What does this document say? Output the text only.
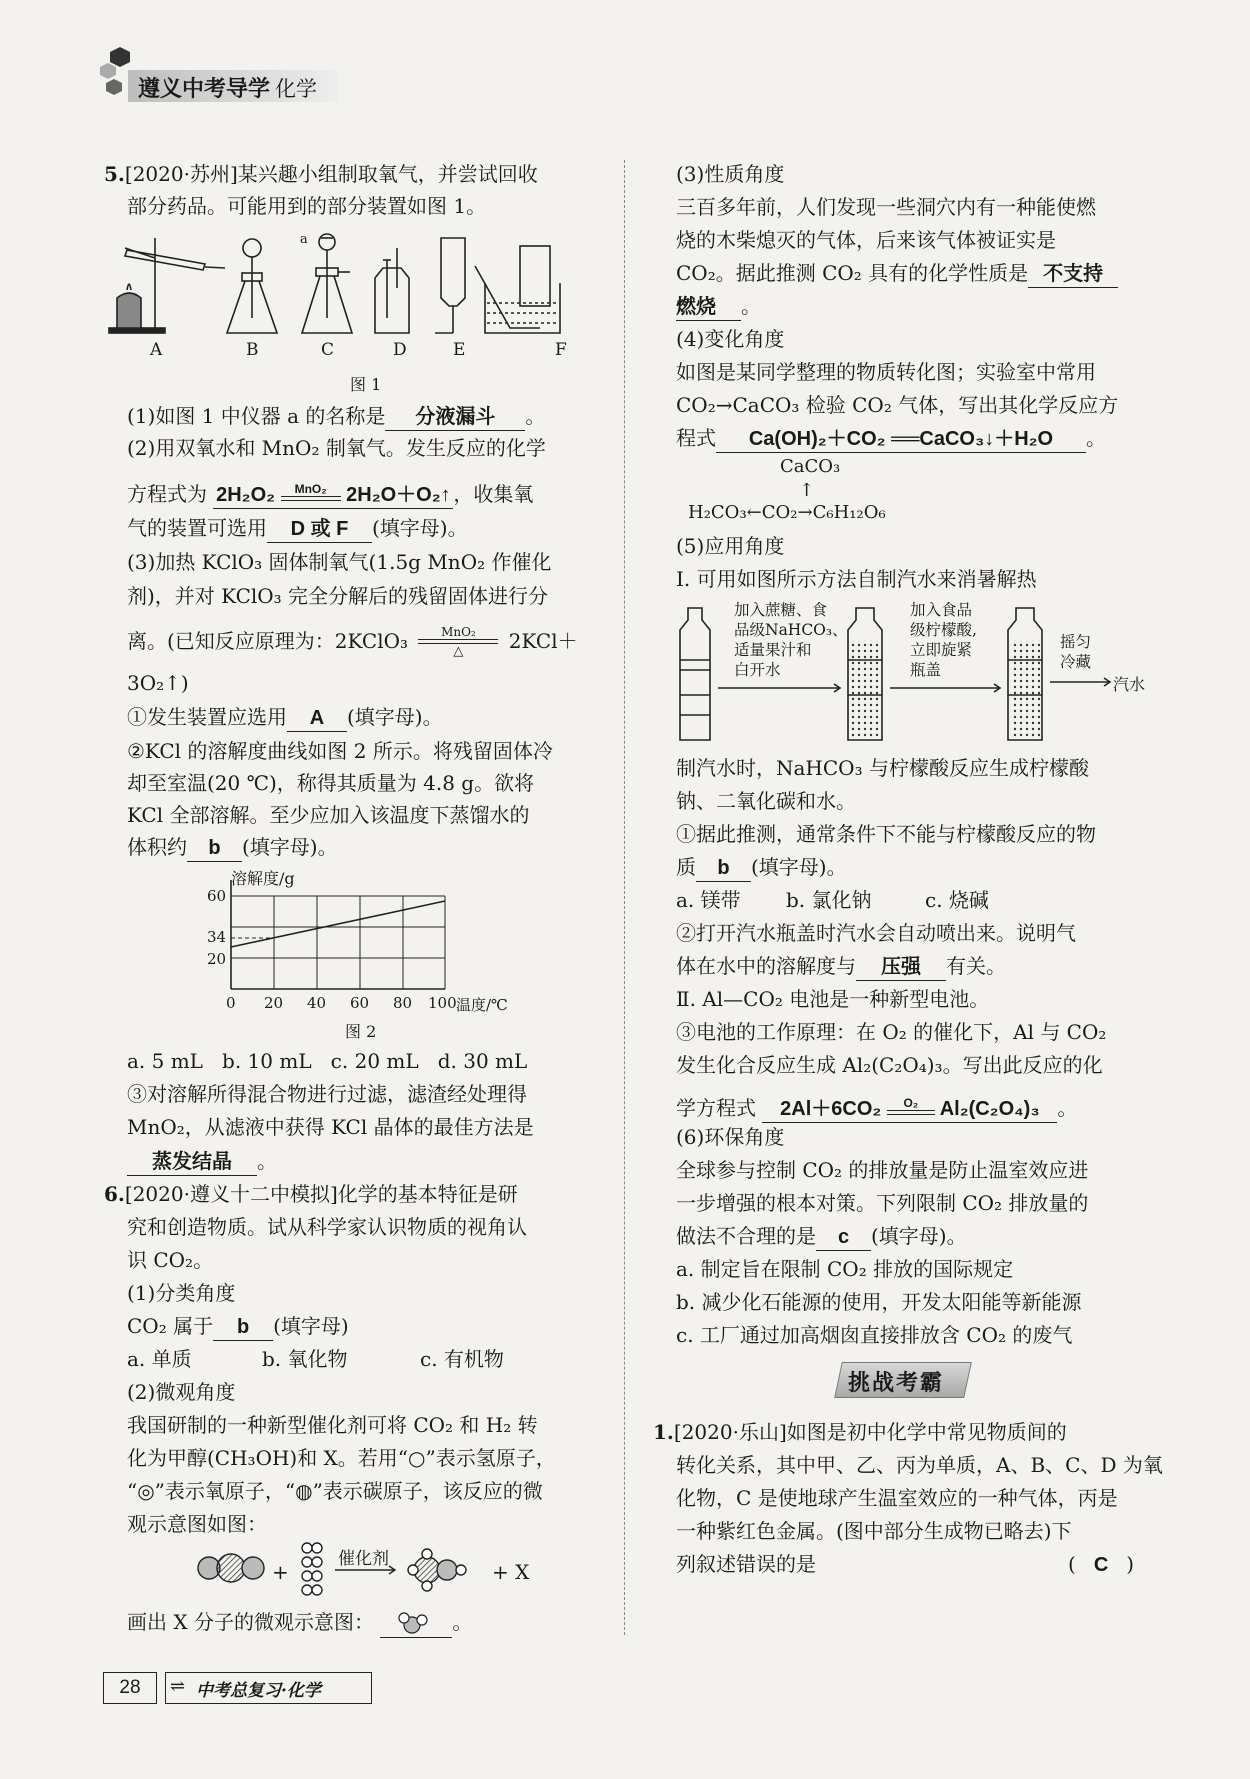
遵义中考导学 化学
5.[2020·苏州]某兴趣小组制取氧气，并尝试回收
部分药品。可能用到的部分装置如图 1。
a
A	B	C	D	E	F
图 1
(1)如图 1 中仪器 a 的名称是 分液漏斗 。
(2)用双氧水和 MnO₂ 制氧气。发生反应的化学
方程式为 2H₂O₂	MnO₂ 2H₂O＋O₂↑ ，收集氧
气的装置可选用 D 或 F (填字母)。
(3)加热 KClO₃ 固体制氧气(1.5g MnO₂ 作催化
剂)，并对 KClO₃ 完全分解后的残留固体进行分
离。(已知反应原理为：2KClO₃	MnO₂
△	2KCl＋
3O₂↑)
①发生装置应选用 A (填字母)。
②KCl 的溶解度曲线如图 2 所示。将残留固体冷
却至室温(20 ℃)，称得其质量为 4.8 g。欲将
KCl 全部溶解。至少应加入该温度下蒸馏水的
体积约 b (填字母)。
溶解度/g
60
34
20
0 20 40 60 80 100 温度/℃
图 2
a. 5 mL   b. 10 mL   c. 20 mL   d. 30 mL
③对溶解所得混合物进行过滤，滤渣经处理得
MnO₂，从滤液中获得 KCl 晶体的最佳方法是
蒸发结晶 。
6.[2020·遵义十二中模拟]化学的基本特征是研
究和创造物质。试从科学家认识物质的视角认
识 CO₂。
(1)分类角度
CO₂ 属于 b (填字母)
a. 单质	b. 氧化物	c. 有机物
(2)微观角度
我国研制的一种新型催化剂可将 CO₂ 和 H₂ 转
化为甲醇(CH₃OH)和 X。若用“○”表示氢原子，
“◎”表示氧原子，“◍”表示碳原子，该反应的微
观示意图如图：
+
催化剂
+ X
画出 X 分子的微观示意图：	。
(3)性质角度
三百多年前，人们发现一些洞穴内有一种能使燃
烧的木柴熄灭的气体，后来该气体被证实是
CO₂。据此推测 CO₂ 具有的化学性质是 不支持
燃烧 。
(4)变化角度
如图是某同学整理的物质转化图；实验室中常用
CO₂→CaCO₃ 检验 CO₂ 气体，写出其化学反应方
程式 Ca(OH)₂＋CO₂ ══CaCO₃↓＋H₂O 。
CaCO₃
↑
H₂CO₃←CO₂→C₆H₁₂O₆
(5)应用角度
Ⅰ. 可用如图所示方法自制汽水来消暑解热
加入蔗糖、食
品级NaHCO₃、
适量果汁和
白开水
加入食品
级柠檬酸,
立即旋紧
瓶盖
摇匀
冷藏
汽水
制汽水时，NaHCO₃ 与柠檬酸反应生成柠檬酸
钠、二氧化碳和水。
①据此推测，通常条件下不能与柠檬酸反应的物
质 b (填字母)。
a. 镁带 b. 氯化钠	c. 烧碱
②打开汽水瓶盖时汽水会自动喷出来。说明气
体在水中的溶解度与 压强 有关。
Ⅱ. Al—CO₂ 电池是一种新型电池。
③电池的工作原理：在 O₂ 的催化下，Al 与 CO₂
发生化合反应生成 Al₂(C₂O₄)₃。写出此反应的化
学方程式 2Al＋6CO₂	O₂	Al₂(C₂O₄)₃ 。
(6)环保角度
全球参与控制 CO₂ 的排放量是防止温室效应进
一步增强的根本对策。下列限制 CO₂ 排放量的
做法不合理的是 c (填字母)。
a. 制定旨在限制 CO₂ 排放的国际规定
b. 减少化石能源的使用，开发太阳能等新能源
c. 工厂通过加高烟囱直接排放含 CO₂ 的废气
挑战考霸
1.[2020·乐山]如图是初中化学中常见物质间的
转化关系，其中甲、乙、丙为单质，A、B、C、D 为氧
化物，C 是使地球产生温室效应的一种气体，丙是
一种紫红色金属。(图中部分生成物已略去)下
列叙述错误的是	( C )
28	⇌ 中考总复习·化学
